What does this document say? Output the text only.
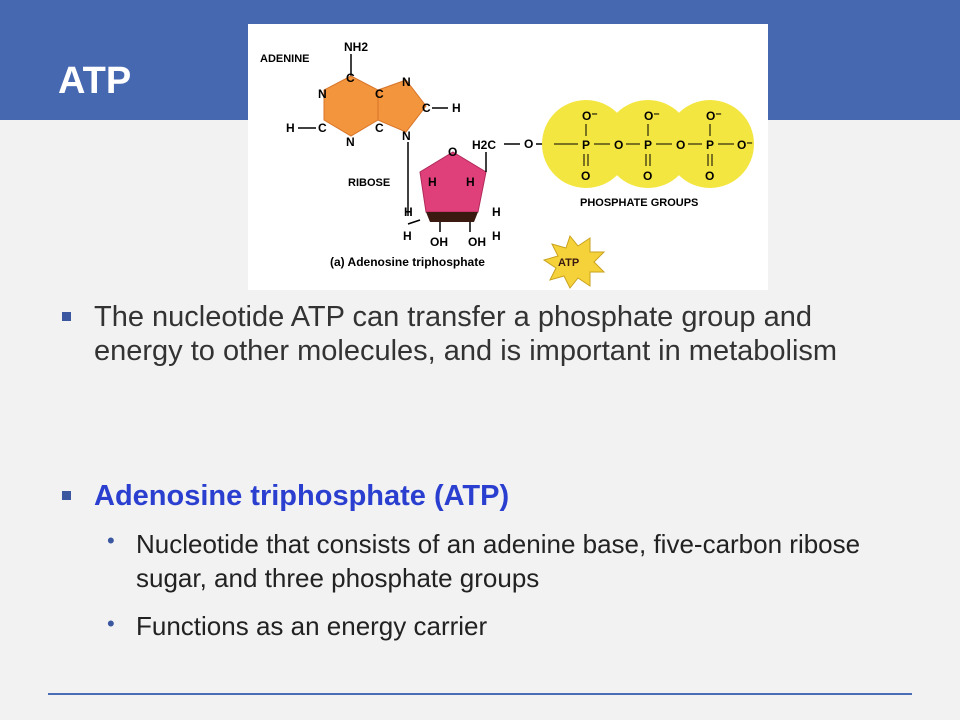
ATP
ADENINE
NH2
C
N	C
N
C H
C	C
N
N
H
RIBOSE
O
H H
H	H
H	H
OH OH
H2C O
O⁻	O⁻	O⁻
P O P O P O⁻
O	O	O
PHOSPHATE GROUPS
(a) Adenosine triphosphate	ATP
The nucleotide ATP can transfer a phosphate group and energy to other molecules, and is important in metabolism
Adenosine triphosphate (ATP)
• Nucleotide that consists of an adenine base, five-carbon ribose sugar, and three phosphate groups
• Functions as an energy carrier
